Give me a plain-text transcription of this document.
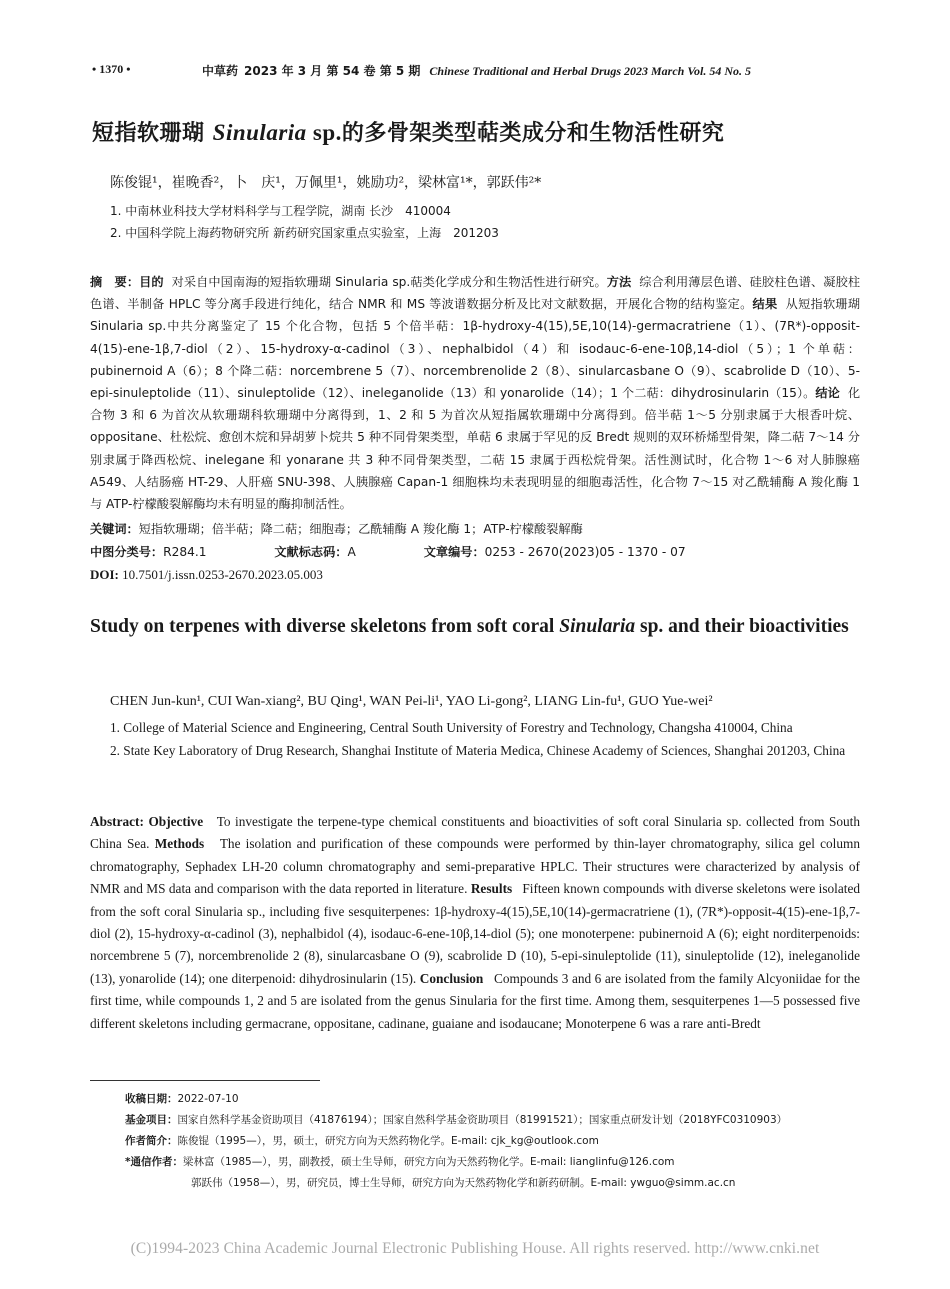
• 1370 •	中草药 2023 年 3 月 第 54 卷 第 5 期 Chinese Traditional and Herbal Drugs 2023 March Vol. 54 No. 5
短指软珊瑚 Sinularia sp.的多骨架类型萜类成分和生物活性研究
陈俊锟¹，崔晚香²，卜　庆¹，万佩里¹，姚励功²，梁林富¹*，郭跃伟²*
1. 中南林业科技大学材料科学与工程学院，湖南 长沙　410004
2. 中国科学院上海药物研究所 新药研究国家重点实验室，上海　201203
摘　要：目的 对采自中国南海的短指软珊瑚 Sinularia sp.萜类化学成分和生物活性进行研究。方法 综合利用薄层色谱、硅胶柱色谱、凝胶柱色谱、半制备 HPLC 等分离手段进行纯化，结合 NMR 和 MS 等波谱数据分析及比对文献数据，开展化合物的结构鉴定。结果 从短指软珊瑚 Sinularia sp.中共分离鉴定了 15 个化合物，包括 5 个倍半萜：1β-hydroxy-4(15),5E,10(14)-germacratriene（1）、(7R*)-opposit-4(15)-ene-1β,7-diol（2）、15-hydroxy-α-cadinol（3）、nephalbidol（4）和 isodauc-6-ene-10β,14-diol（5）；1 个单萜：pubinernoid A（6）；8 个降二萜：norcembrene 5（7）、norcembrenolide 2（8）、sinularcasbane O（9）、scabrolide D（10）、5-epi-sinuleptolide（11）、sinuleptolide（12）、ineleganolide（13）和 yonarolide（14）；1 个二萜：dihydrosinularin（15）。结论 化合物 3 和 6 为首次从软珊瑚科软珊瑚中分离得到，1、2 和 5 为首次从短指属软珊瑚中分离得到。倍半萜 1～5 分别隶属于大根香叶烷、oppositane、杜松烷、愈创木烷和异胡萝卜烷共 5 种不同骨架类型，单萜 6 隶属于罕见的反 Bredt 规则的双环桥烯型骨架，降二萜 7～14 分别隶属于降西松烷、inelegane 和 yonarane 共 3 种不同骨架类型，二萜 15 隶属于西松烷骨架。活性测试时，化合物 1～6 对人肺腺癌 A549、人结肠癌 HT-29、人肝癌 SNU-398、人胰腺癌 Capan-1 细胞株均未表现明显的细胞毒活性，化合物 7～15 对乙酰辅酶 A 羧化酶 1 与 ATP-柠檬酸裂解酶均未有明显的酶抑制活性。
关键词：短指软珊瑚；倍半萜；降二萜；细胞毒；乙酰辅酶 A 羧化酶 1；ATP-柠檬酸裂解酶
中图分类号：R284.1	文献标志码：A	文章编号：0253 - 2670(2023)05 - 1370 - 07
DOI: 10.7501/j.issn.0253-2670.2023.05.003
Study on terpenes with diverse skeletons from soft coral Sinularia sp. and their bioactivities
CHEN Jun-kun¹, CUI Wan-xiang², BU Qing¹, WAN Pei-li¹, YAO Li-gong², LIANG Lin-fu¹, GUO Yue-wei²
1. College of Material Science and Engineering, Central South University of Forestry and Technology, Changsha 410004, China
2. State Key Laboratory of Drug Research, Shanghai Institute of Materia Medica, Chinese Academy of Sciences, Shanghai 201203, China
Abstract: Objective To investigate the terpene-type chemical constituents and bioactivities of soft coral Sinularia sp. collected from South China Sea. Methods The isolation and purification of these compounds were performed by thin-layer chromatography, silica gel column chromatography, Sephadex LH-20 column chromatography and semi-preparative HPLC. Their structures were characterized by analysis of NMR and MS data and comparison with the data reported in literature. Results Fifteen known compounds with diverse skeletons were isolated from the soft coral Sinularia sp., including five sesquiterpenes: 1β-hydroxy-4(15),5E,10(14)-germacratriene (1), (7R*)-opposit-4(15)-ene-1β,7-diol (2), 15-hydroxy-α-cadinol (3), nephalbidol (4), isodauc-6-ene-10β,14-diol (5); one monoterpene: pubinernoid A (6); eight norditerpenoids: norcembrene 5 (7), norcembrenolide 2 (8), sinularcasbane O (9), scabrolide D (10), 5-epi-sinuleptolide (11), sinuleptolide (12), ineleganolide (13), yonarolide (14); one diterpenoid: dihydrosinularin (15). Conclusion Compounds 3 and 6 are isolated from the family Alcyoniidae for the first time, while compounds 1, 2 and 5 are isolated from the genus Sinularia for the first time. Among them, sesquiterpenes 1—5 possessed five different skeletons including germacrane, oppositane, cadinane, guaiane and isodaucane; Monoterpene 6 was a rare anti-Bredt
收稿日期：2022-07-10
基金项目：国家自然科学基金资助项目（41876194）；国家自然科学基金资助项目（81991521）；国家重点研发计划（2018YFC0310903）
作者简介：陈俊锟（1995—），男，硕士，研究方向为天然药物化学。E-mail: cjk_kg@outlook.com
*通信作者：梁林富（1985—），男，副教授，硕士生导师，研究方向为天然药物化学。E-mail: lianglinfu@126.com
郭跃伟（1958—），男，研究员，博士生导师，研究方向为天然药物化学和新药研制。E-mail: ywguo@simm.ac.cn
(C)1994-2023 China Academic Journal Electronic Publishing House. All rights reserved. http://www.cnki.net
